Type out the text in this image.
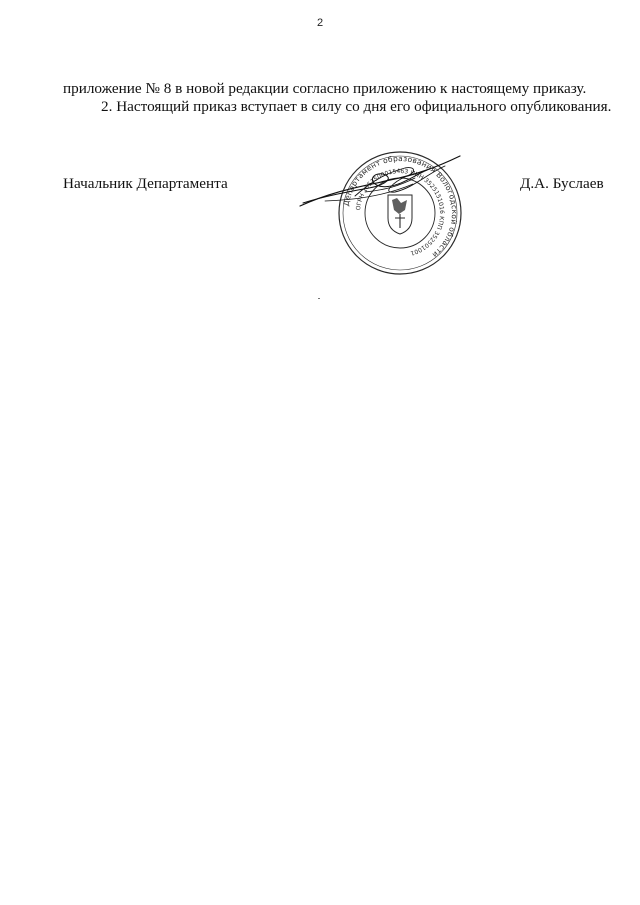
2
приложение № 8 в новой редакции согласно приложению к настоящему приказу.
2. Настоящий приказ вступает в силу со дня его официального опубликования.
Начальник Департамента	Д.А. Буслаев
Департамент образования Вологодской области
ОГРН 1053500015463 ИНН 3525151016 КПП 352501001
